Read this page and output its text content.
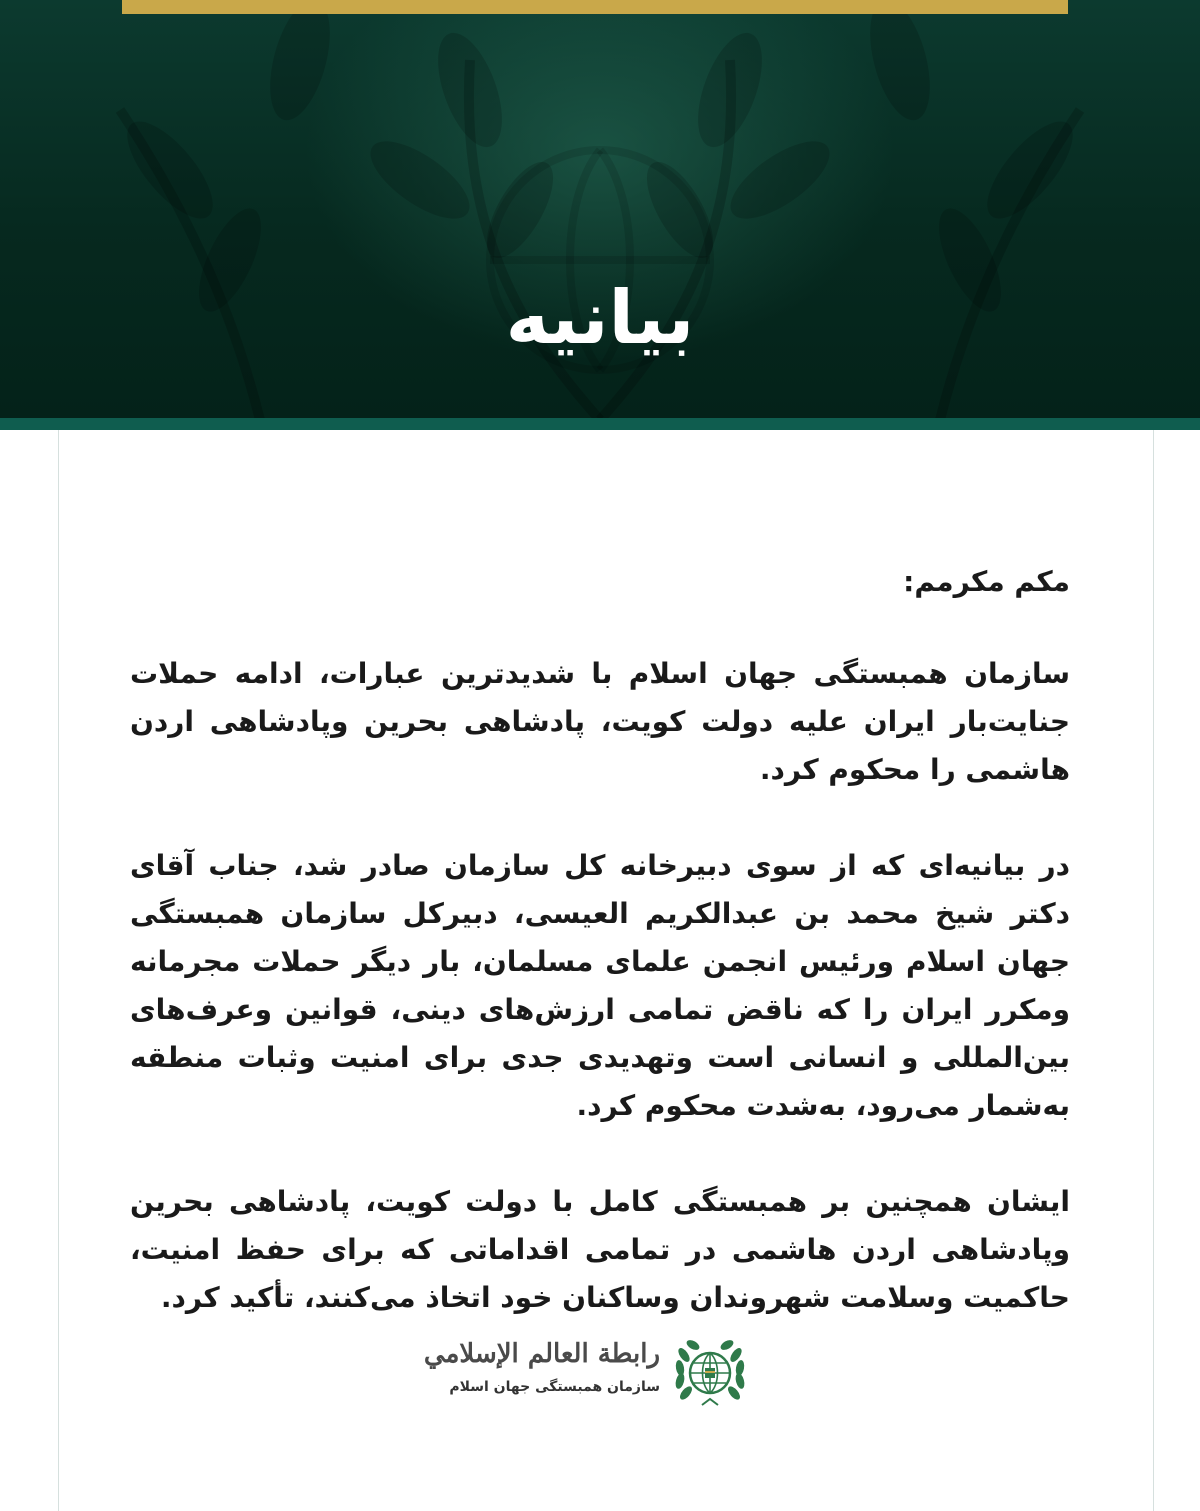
بیانیه

مکم مکرمم:

سازمان همبستگی جهان اسلام با شدیدترین عبارات، ادامه حملات جنایت‌بار ایران علیه دولت کویت، پادشاهی بحرین وپادشاهی اردن هاشمی را محکوم کرد.

در بیانیه‌ای که از سوی دبیرخانه کل سازمان صادر شد، جناب آقای دکتر شیخ محمد بن عبدالکریم العیسی، دبیرکل سازمان همبستگی جهان اسلام ورئیس انجمن علمای مسلمان، بار دیگر حملات مجرمانه ومکرر ایران را که ناقض تمامی ارزش‌های دینی، قوانین وعرف‌های بین‌المللی و انسانی است وتهدیدی جدی برای امنیت وثبات منطقه به‌شمار می‌رود، به‌شدت محکوم کرد.

ایشان همچنین بر همبستگی کامل با دولت کویت، پادشاهی بحرین وپادشاهی اردن هاشمی در تمامی اقداماتی که برای حفظ امنیت، حاکمیت وسلامت شهروندان وساکنان خود اتخاذ می‌کنند، تأکید کرد.

رابطة العالم الإسلامي
سازمان همبستگی جهان اسلام
